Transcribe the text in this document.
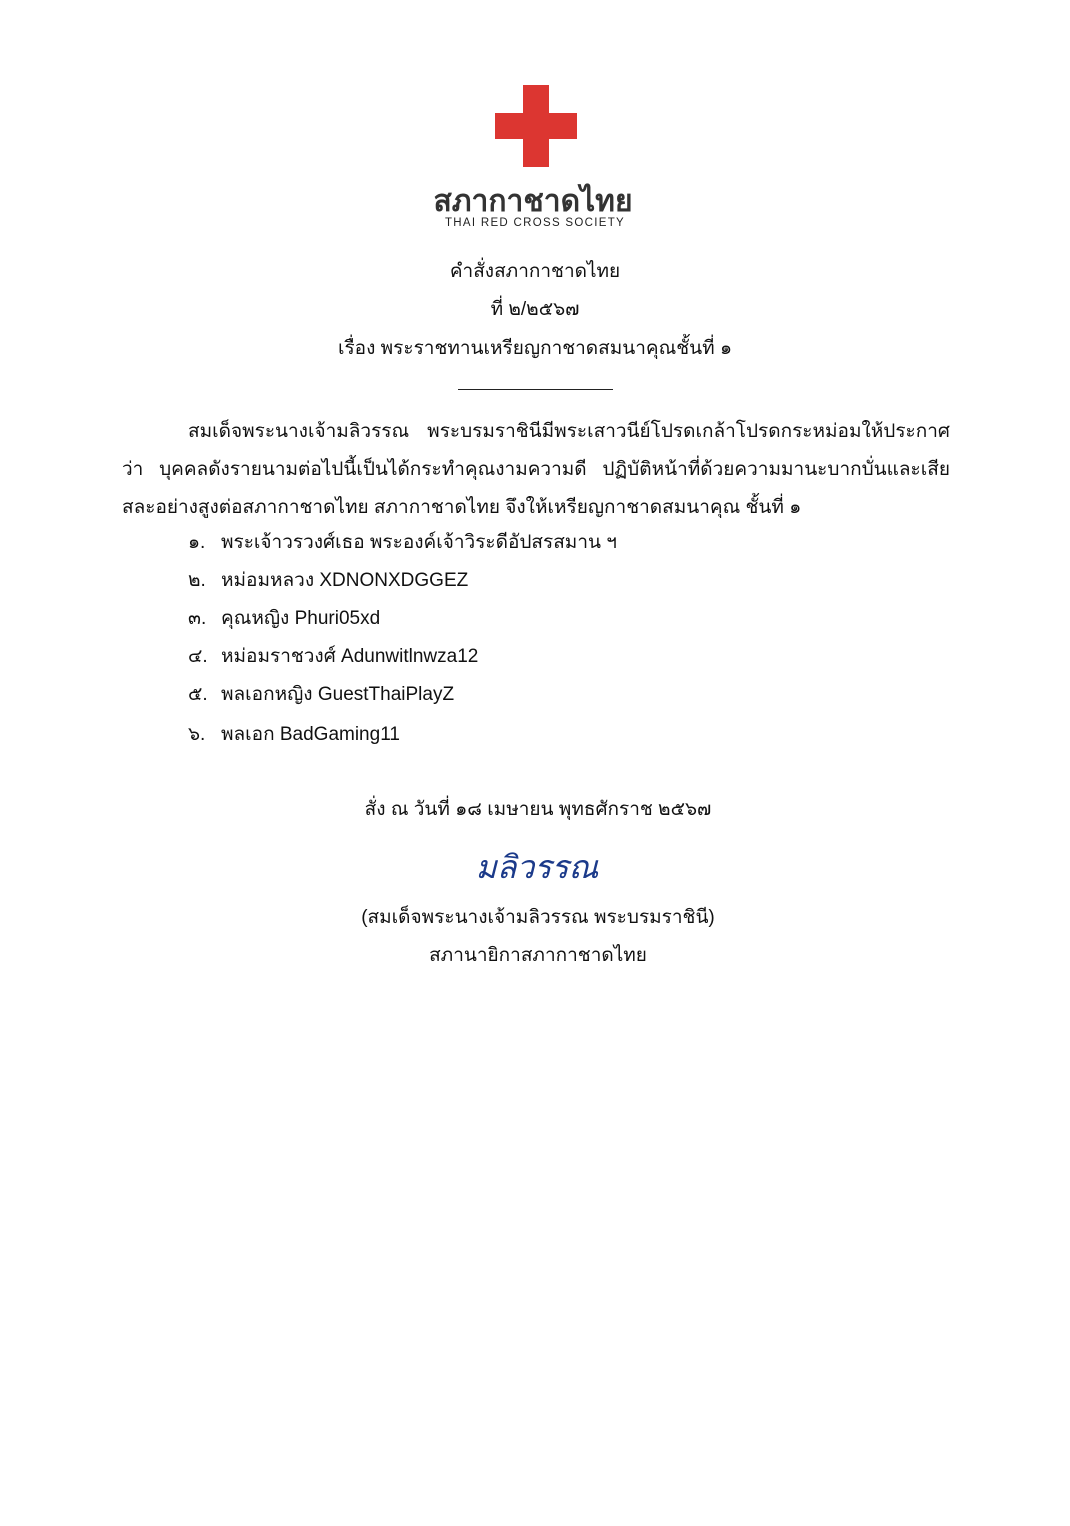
สภากาชาดไทย
THAI RED CROSS SOCIETY
คำสั่งสภากาชาดไทย
ที่ ๒/๒๕๖๗
เรื่อง พระราชทานเหรียญกาชาดสมนาคุณชั้นที่ ๑
สมเด็จพระนางเจ้ามลิวรรณ พระบรมราชินีมีพระเสาวนีย์โปรดเกล้าโปรดกระหม่อมให้ประกาศว่า บุคคลดังรายนามต่อไปนี้เป็นได้กระทำคุณงามความดี ปฏิบัติหน้าที่ด้วยความมานะบากบั่นและเสียสละอย่างสูงต่อสภากาชาดไทย สภากาชาดไทย จึงให้เหรียญกาชาดสมนาคุณ ชั้นที่ ๑
๑. พระเจ้าวรวงศ์เธอ พระองค์เจ้าวิระดีอัปสรสมาน ฯ
๒. หม่อมหลวง XDNONXDGGEZ
๓. คุณหญิง Phuri05xd
๔. หม่อมราชวงศ์ Adunwitlnwza12
๕. พลเอกหญิง GuestThaiPlayZ
๖. พลเอก BadGaming11
สั่ง ณ วันที่ ๑๘ เมษายน พุทธศักราช ๒๕๖๗
มลิวรรณ
(สมเด็จพระนางเจ้ามลิวรรณ พระบรมราชินี)
สภานายิกาสภากาชาดไทย
